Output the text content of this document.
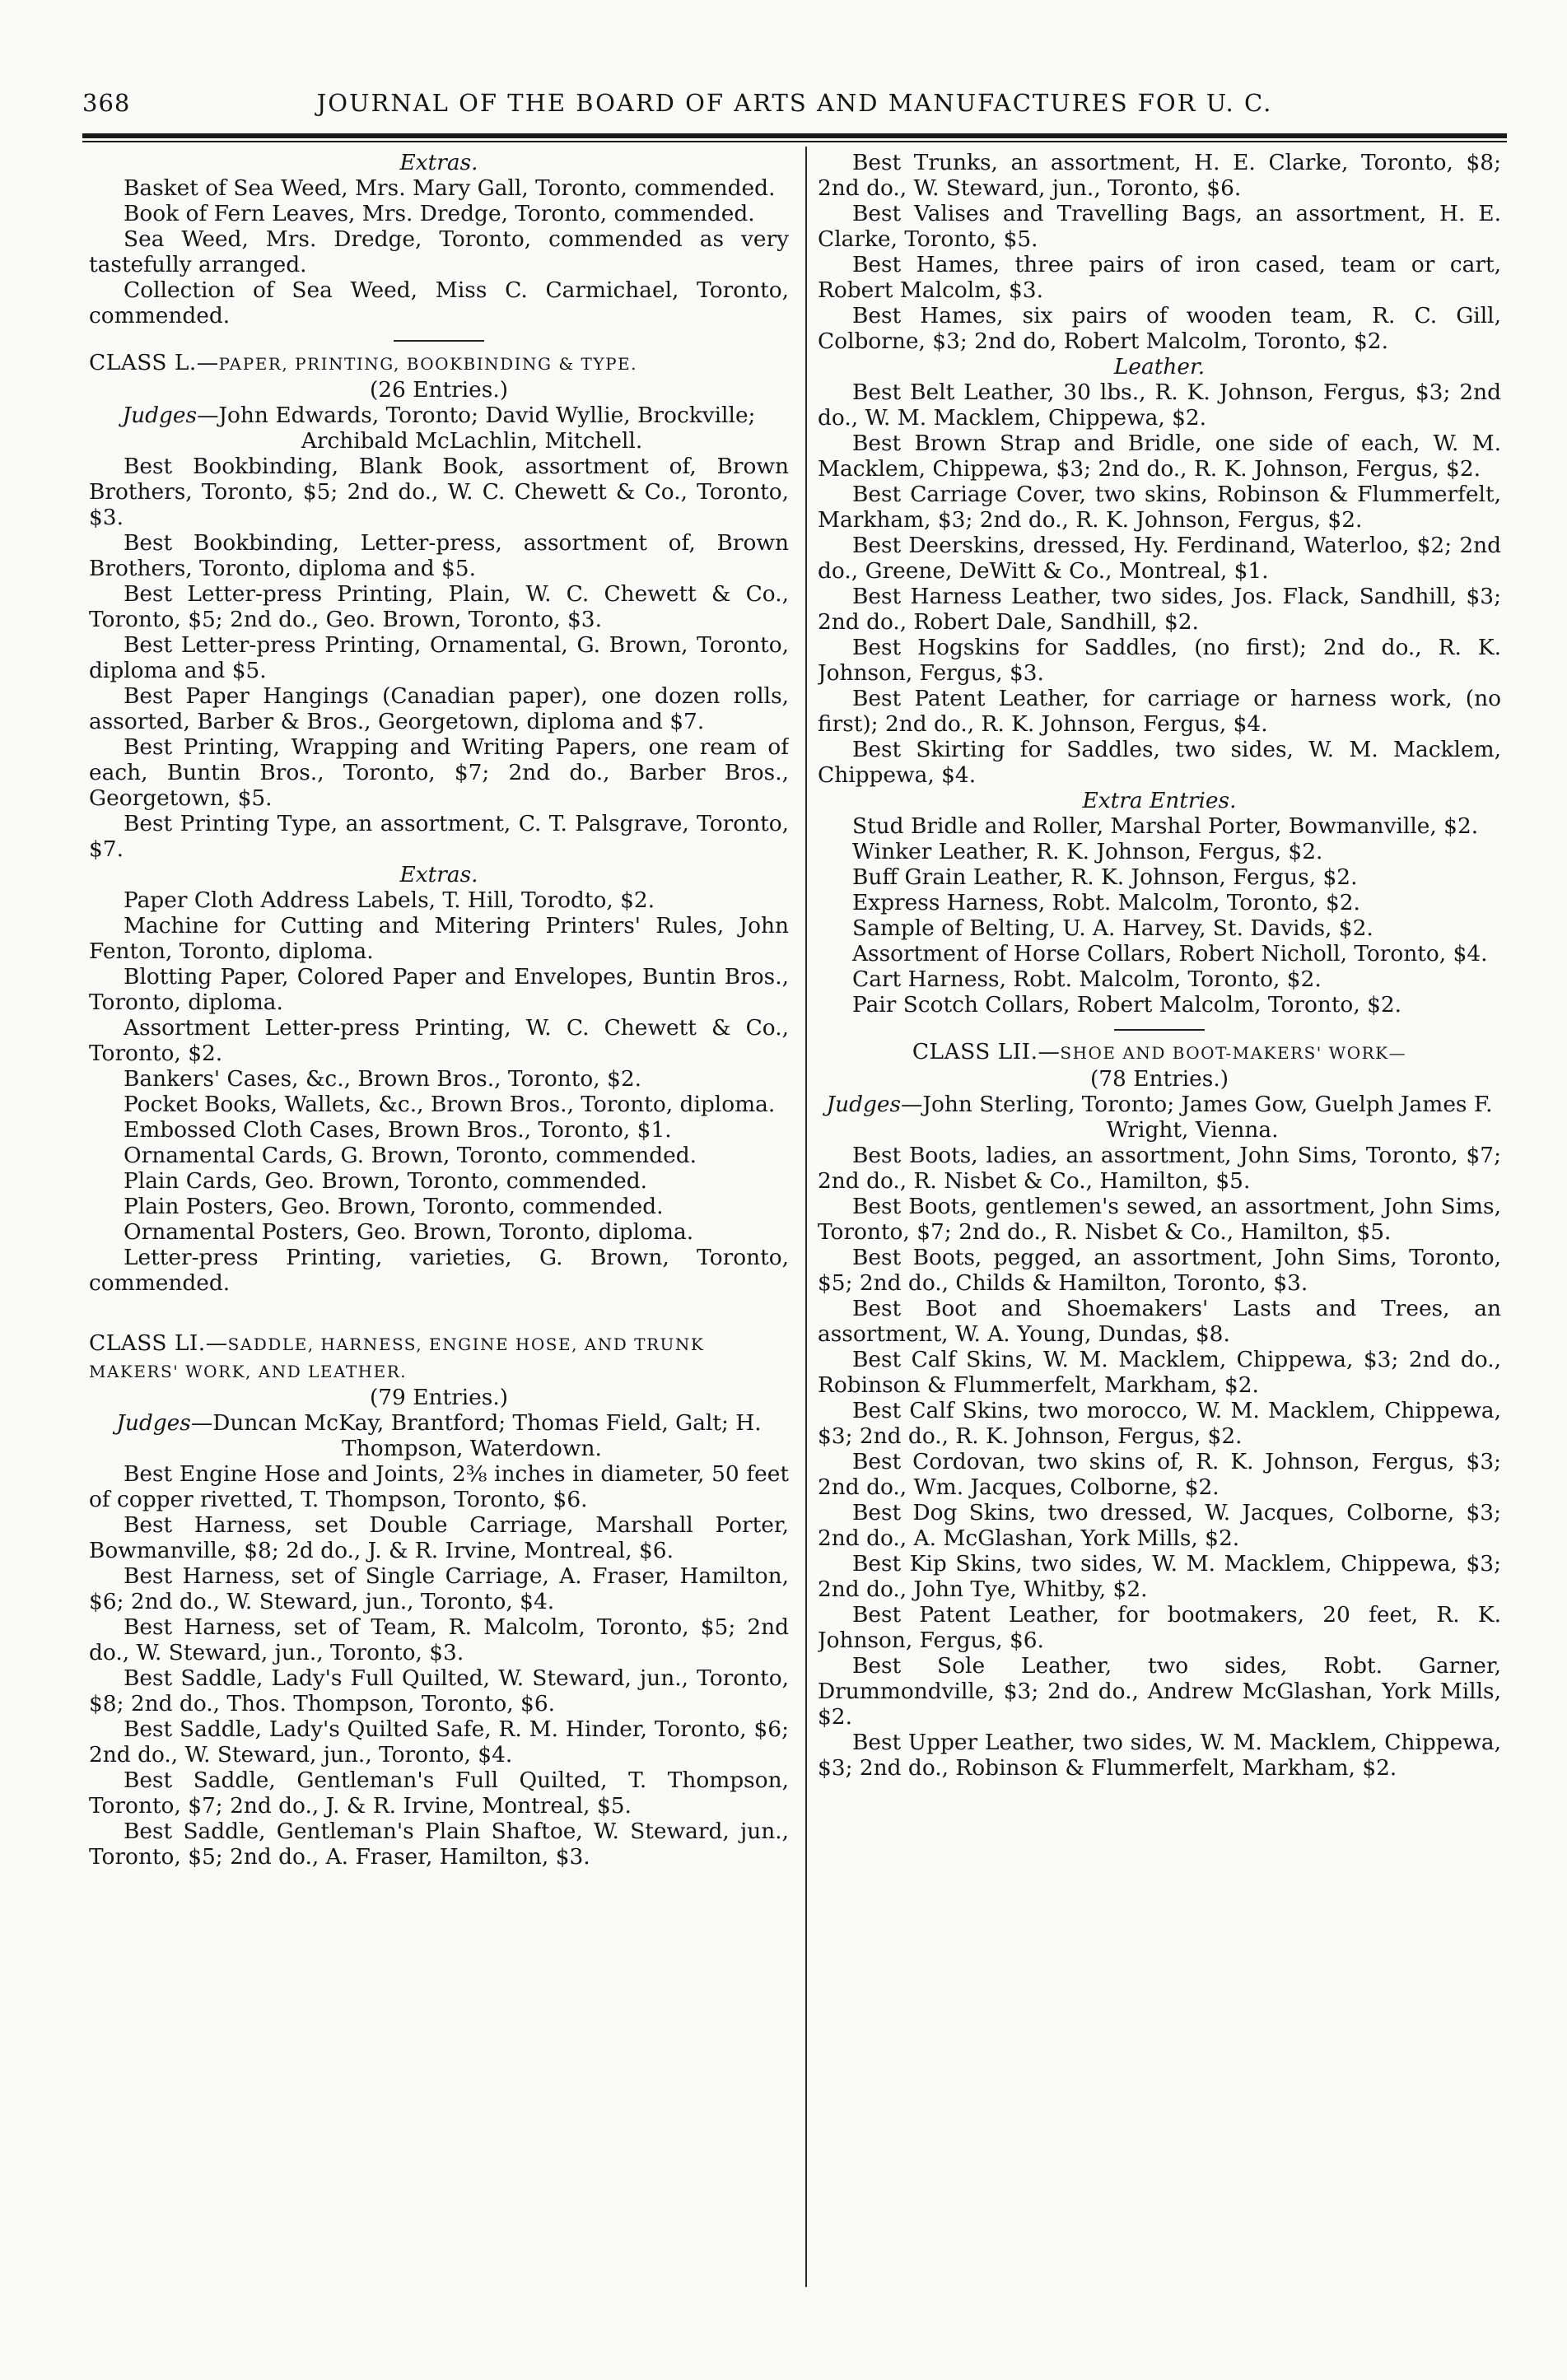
368	JOURNAL OF THE BOARD OF ARTS AND MANUFACTURES FOR U. C.

Extras.

Basket of Sea Weed, Mrs. Mary Gall, Toronto, commended.

Book of Fern Leaves, Mrs. Dredge, Toronto, commended.

Sea Weed, Mrs. Dredge, Toronto, commended as very tastefully arranged.

Collection of Sea Weed, Miss C. Carmichael, Toronto, commended.

CLASS L.—PAPER, PRINTING, BOOKBINDING & TYPE.

(26 Entries.)

Judges—John Edwards, Toronto; David Wyllie, Brockville; Archibald McLachlin, Mitchell.

Best Bookbinding, Blank Book, assortment of, Brown Brothers, Toronto, $5; 2nd do., W. C. Chewett & Co., Toronto, $3.

Best Bookbinding, Letter-press, assortment of, Brown Brothers, Toronto, diploma and $5.

Best Letter-press Printing, Plain, W. C. Chewett & Co., Toronto, $5; 2nd do., Geo. Brown, Toronto, $3.

Best Letter-press Printing, Ornamental, G. Brown, Toronto, diploma and $5.

Best Paper Hangings (Canadian paper), one dozen rolls, assorted, Barber & Bros., Georgetown, diploma and $7.

Best Printing, Wrapping and Writing Papers, one ream of each, Buntin Bros., Toronto, $7; 2nd do., Barber Bros., Georgetown, $5.

Best Printing Type, an assortment, C. T. Palsgrave, Toronto, $7.

Extras.

Paper Cloth Address Labels, T. Hill, Torodto, $2.

Machine for Cutting and Mitering Printers' Rules, John Fenton, Toronto, diploma.

Blotting Paper, Colored Paper and Envelopes, Buntin Bros., Toronto, diploma.

Assortment Letter-press Printing, W. C. Chewett & Co., Toronto, $2.

Bankers' Cases, &c., Brown Bros., Toronto, $2.

Pocket Books, Wallets, &c., Brown Bros., Toronto, diploma.

Embossed Cloth Cases, Brown Bros., Toronto, $1.

Ornamental Cards, G. Brown, Toronto, commended.

Plain Cards, Geo. Brown, Toronto, commended.

Plain Posters, Geo. Brown, Toronto, commended.

Ornamental Posters, Geo. Brown, Toronto, diploma.

Letter-press Printing, varieties, G. Brown, Toronto, commended.

CLASS LI.—SADDLE, HARNESS, ENGINE HOSE, AND TRUNK MAKERS' WORK, AND LEATHER.

(79 Entries.)

Judges—Duncan McKay, Brantford; Thomas Field, Galt; H. Thompson, Waterdown.

Best Engine Hose and Joints, 2⅜ inches in diameter, 50 feet of copper rivetted, T. Thompson, Toronto, $6.

Best Harness, set Double Carriage, Marshall Porter, Bowmanville, $8; 2d do., J. & R. Irvine, Montreal, $6.

Best Harness, set of Single Carriage, A. Fraser, Hamilton, $6; 2nd do., W. Steward, jun., Toronto, $4.

Best Harness, set of Team, R. Malcolm, Toronto, $5; 2nd do., W. Steward, jun., Toronto, $3.

Best Saddle, Lady's Full Quilted, W. Steward, jun., Toronto, $8; 2nd do., Thos. Thompson, Toronto, $6.

Best Saddle, Lady's Quilted Safe, R. M. Hinder, Toronto, $6; 2nd do., W. Steward, jun., Toronto, $4.

Best Saddle, Gentleman's Full Quilted, T. Thompson, Toronto, $7; 2nd do., J. & R. Irvine, Montreal, $5.

Best Saddle, Gentleman's Plain Shaftoe, W. Steward, jun., Toronto, $5; 2nd do., A. Fraser, Hamilton, $3.

Best Trunks, an assortment, H. E. Clarke, Toronto, $8; 2nd do., W. Steward, jun., Toronto, $6.

Best Valises and Travelling Bags, an assortment, H. E. Clarke, Toronto, $5.

Best Hames, three pairs of iron cased, team or cart, Robert Malcolm, $3.

Best Hames, six pairs of wooden team, R. C. Gill, Colborne, $3; 2nd do, Robert Malcolm, Toronto, $2.

Leather.

Best Belt Leather, 30 lbs., R. K. Johnson, Fergus, $3; 2nd do., W. M. Macklem, Chippewa, $2.

Best Brown Strap and Bridle, one side of each, W. M. Macklem, Chippewa, $3; 2nd do., R. K. Johnson, Fergus, $2.

Best Carriage Cover, two skins, Robinson & Flummerfelt, Markham, $3; 2nd do., R. K. Johnson, Fergus, $2.

Best Deerskins, dressed, Hy. Ferdinand, Waterloo, $2; 2nd do., Greene, DeWitt & Co., Montreal, $1.

Best Harness Leather, two sides, Jos. Flack, Sandhill, $3; 2nd do., Robert Dale, Sandhill, $2.

Best Hogskins for Saddles, (no first); 2nd do., R. K. Johnson, Fergus, $3.

Best Patent Leather, for carriage or harness work, (no first); 2nd do., R. K. Johnson, Fergus, $4.

Best Skirting for Saddles, two sides, W. M. Macklem, Chippewa, $4.

Extra Entries.

Stud Bridle and Roller, Marshal Porter, Bowmanville, $2.

Winker Leather, R. K. Johnson, Fergus, $2.

Buff Grain Leather, R. K. Johnson, Fergus, $2.

Express Harness, Robt. Malcolm, Toronto, $2.

Sample of Belting, U. A. Harvey, St. Davids, $2.

Assortment of Horse Collars, Robert Nicholl, Toronto, $4.

Cart Harness, Robt. Malcolm, Toronto, $2.

Pair Scotch Collars, Robert Malcolm, Toronto, $2.

CLASS LII.—SHOE AND BOOT-MAKERS' WORK—

(78 Entries.)

Judges—John Sterling, Toronto; James Gow, Guelph James F. Wright, Vienna.

Best Boots, ladies, an assortment, John Sims, Toronto, $7; 2nd do., R. Nisbet & Co., Hamilton, $5.

Best Boots, gentlemen's sewed, an assortment, John Sims, Toronto, $7; 2nd do., R. Nisbet & Co., Hamilton, $5.

Best Boots, pegged, an assortment, John Sims, Toronto, $5; 2nd do., Childs & Hamilton, Toronto, $3.

Best Boot and Shoemakers' Lasts and Trees, an assortment, W. A. Young, Dundas, $8.

Best Calf Skins, W. M. Macklem, Chippewa, $3; 2nd do., Robinson & Flummerfelt, Markham, $2.

Best Calf Skins, two morocco, W. M. Macklem, Chippewa, $3; 2nd do., R. K. Johnson, Fergus, $2.

Best Cordovan, two skins of, R. K. Johnson, Fergus, $3; 2nd do., Wm. Jacques, Colborne, $2.

Best Dog Skins, two dressed, W. Jacques, Colborne, $3; 2nd do., A. McGlashan, York Mills, $2.

Best Kip Skins, two sides, W. M. Macklem, Chippewa, $3; 2nd do., John Tye, Whitby, $2.

Best Patent Leather, for bootmakers, 20 feet, R. K. Johnson, Fergus, $6.

Best Sole Leather, two sides, Robt. Garner, Drummondville, $3; 2nd do., Andrew McGlashan, York Mills, $2.

Best Upper Leather, two sides, W. M. Macklem, Chippewa, $3; 2nd do., Robinson & Flummerfelt, Markham, $2.
